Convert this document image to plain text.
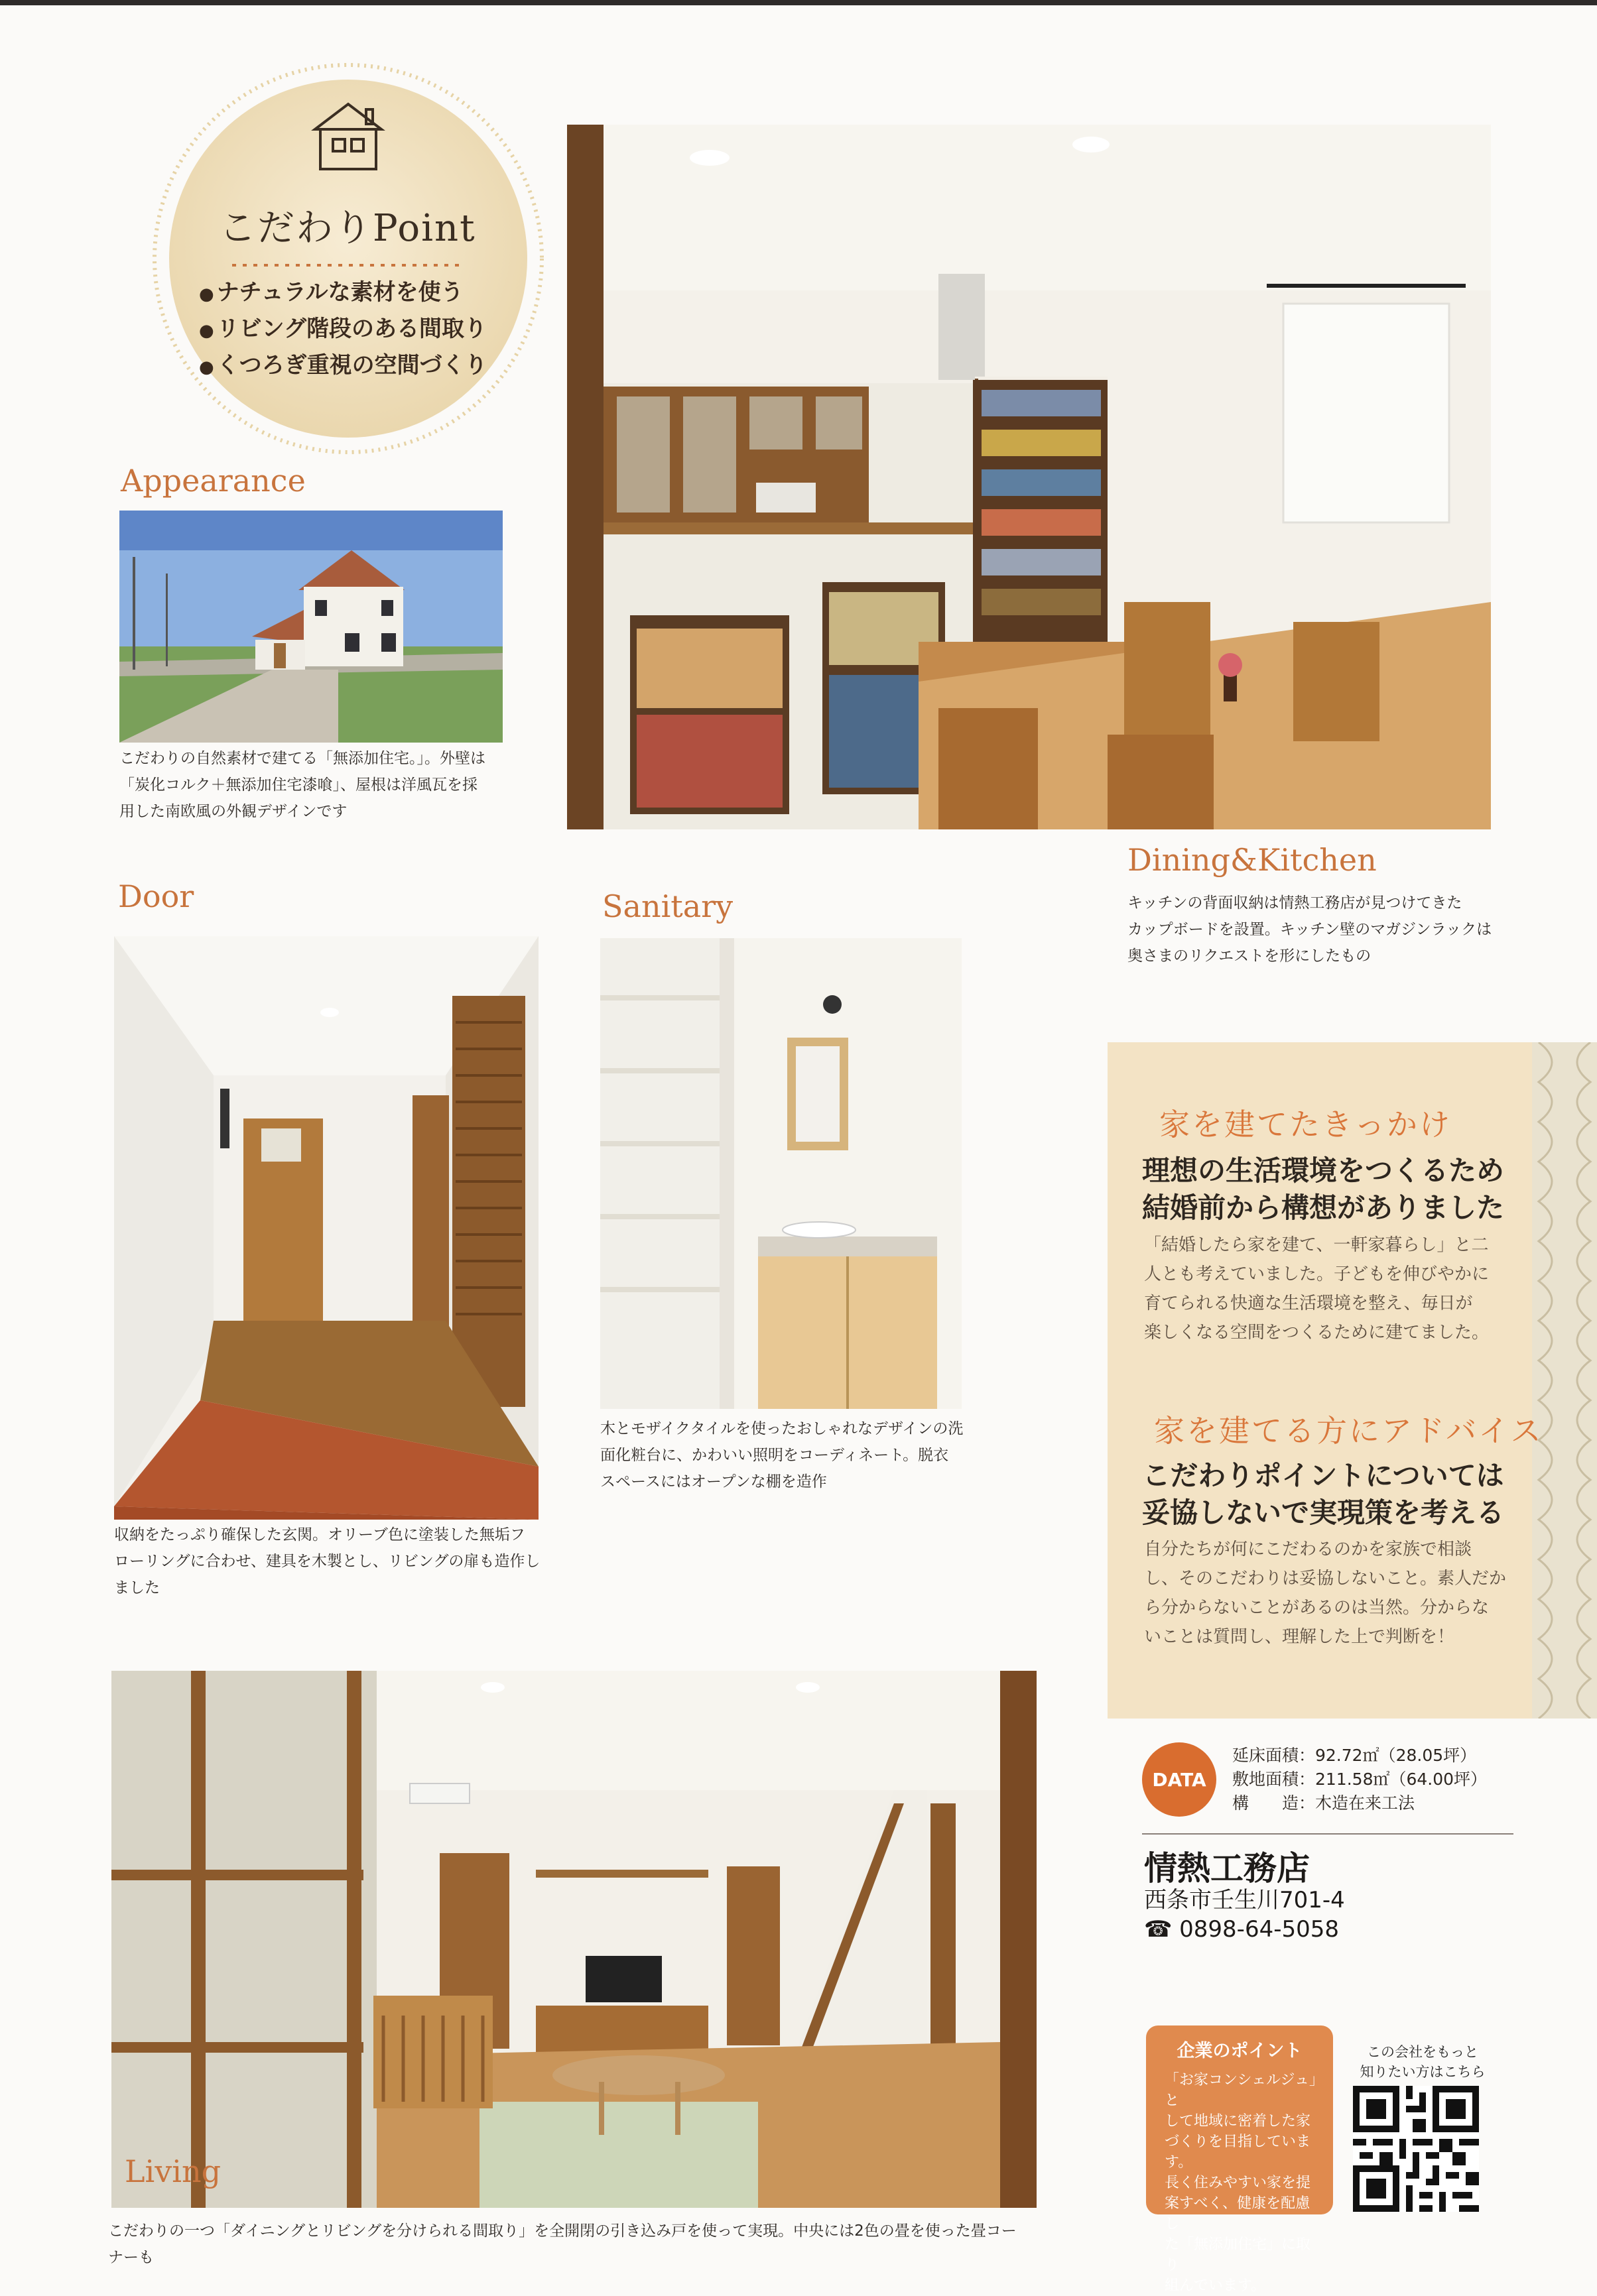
こだわりPoint
● ナチュラルな素材を使う
● リビング階段のある間取り
● くつろぎ重視の空間づくり
Appearance
こだわりの自然素材で建てる「無添加住宅。」。外壁は
「炭化コルク＋無添加住宅漆喰」、屋根は洋風瓦を採
用した南欧風の外観デザインです
Dining&Kitchen
キッチンの背面収納は情熱工務店が見つけてきた
カップボードを設置。キッチン壁のマガジンラックは
奥さまのリクエストを形にしたもの
Door
収納をたっぷり確保した玄関。オリーブ色に塗装した無垢フ
ローリングに合わせ、建具を木製とし、リビングの扉も造作し
ました
Sanitary
木とモザイクタイルを使ったおしゃれなデザインの洗
面化粧台に、かわいい照明をコーディネート。脱衣
スペースにはオープンな棚を造作
家を建てたきっかけ
理想の生活環境をつくるため
結婚前から構想がありました
「結婚したら家を建て、一軒家暮らし」と二
人とも考えていました。子どもを伸びやかに
育てられる快適な生活環境を整え、毎日が
楽しくなる空間をつくるために建てました。
家を建てる方にアドバイス
こだわりポイントについては
妥協しないで実現策を考える
自分たちが何にこだわるのかを家族で相談
し、そのこだわりは妥協しないこと。素人だか
ら分からないことがあるのは当然。分からな
いことは質問し、理解した上で判断を！
Living
こだわりの一つ「ダイニングとリビングを分けられる間取り」を全開閉の引き込み戸を使って実現。中央には2色の畳を使った畳コー
ナーも
DATA
延床面積：92.72㎡（28.05坪）
敷地面積：211.58㎡（64.00坪）
構　　造：木造在来工法
情熱工務店
西条市壬生川701-4
☎ 0898-64-5058
企業のポイント
「お家コンシェルジュ」と
して地域に密着した家
づくりを目指しています。
長く住みやすい家を提
案すべく、健康を配慮し
た「無添加住宅」に取り
組んでいます。
この会社をもっと
知りたい方はこちら
